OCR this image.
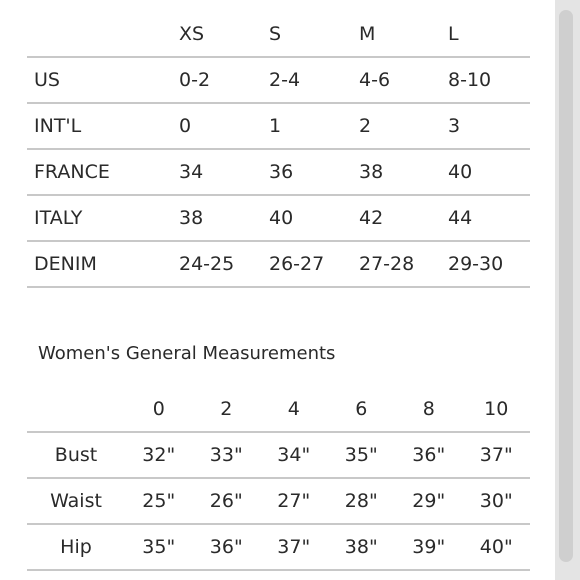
	XS	S	M	L
US	0-2	2-4	4-6	8-10
INT'L	0	1	2	3
FRANCE	34	36	38	40
ITALY	38	40	42	44
DENIM	24-25	26-27	27-28	29-30
Women's General Measurements
	0	2	4	6	8	10
Bust	32"	33"	34"	35"	36"	37"
Waist	25"	26"	27"	28"	29"	30"
Hip	35"	36"	37"	38"	39"	40"
